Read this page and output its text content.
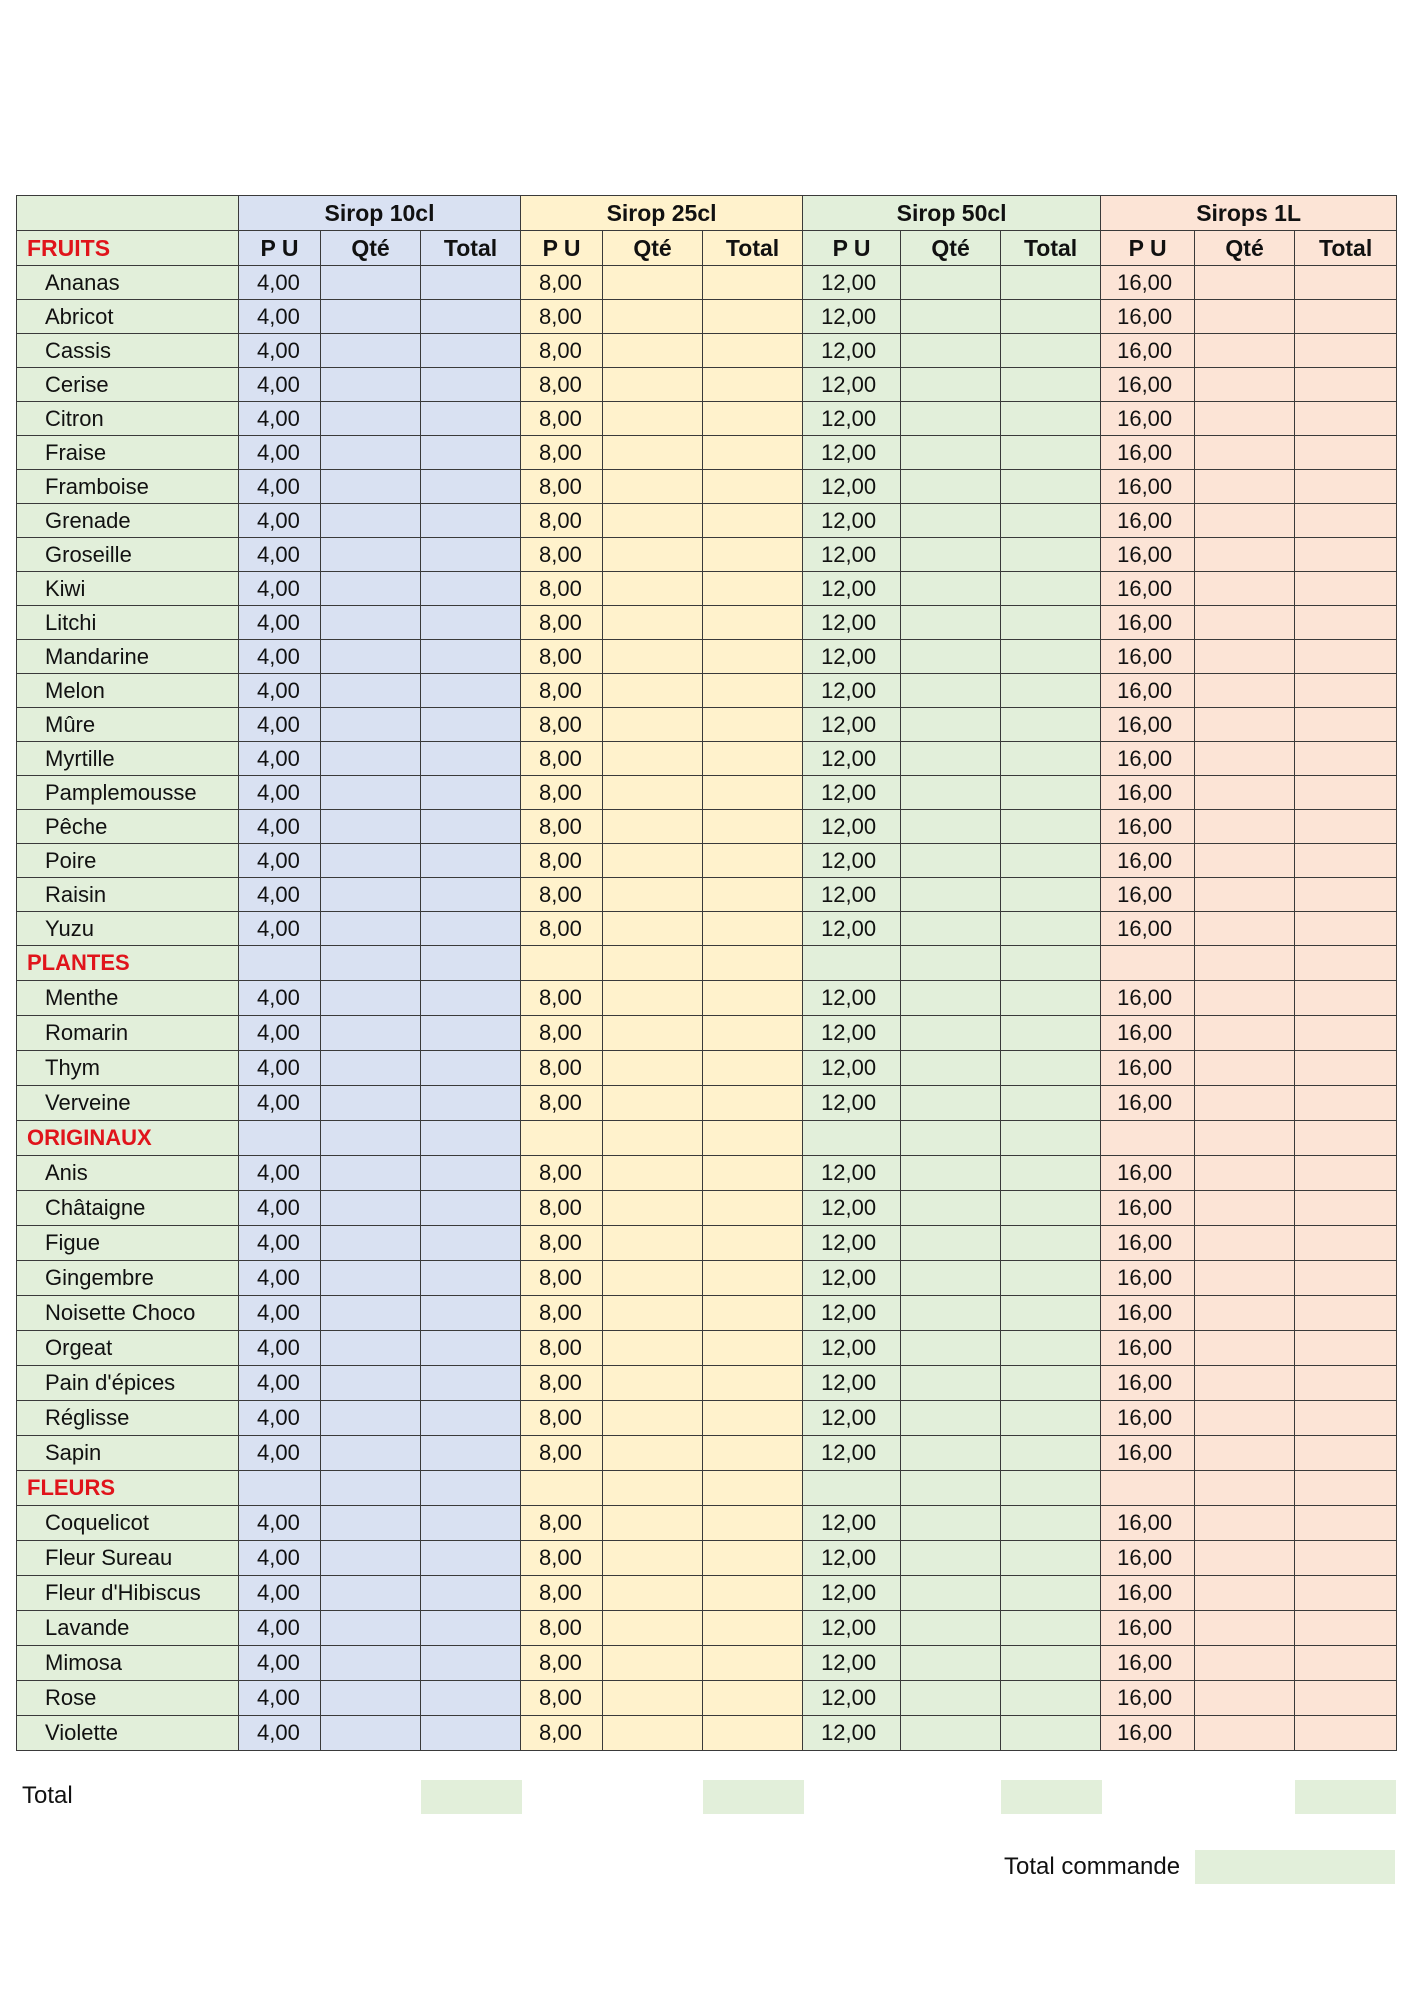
	Sirop 10cl			Sirop 25cl			Sirop 50cl			Sirops 1L		
FRUITS	P U	Qté	Total	P U	Qté	Total	P U	Qté	Total	P U	Qté	Total
Ananas	4,00			8,00			12,00			16,00		
Abricot	4,00			8,00			12,00			16,00		
Cassis	4,00			8,00			12,00			16,00		
Cerise	4,00			8,00			12,00			16,00		
Citron	4,00			8,00			12,00			16,00		
Fraise	4,00			8,00			12,00			16,00		
Framboise	4,00			8,00			12,00			16,00		
Grenade	4,00			8,00			12,00			16,00		
Groseille	4,00			8,00			12,00			16,00		
Kiwi	4,00			8,00			12,00			16,00		
Litchi	4,00			8,00			12,00			16,00		
Mandarine	4,00			8,00			12,00			16,00		
Melon	4,00			8,00			12,00			16,00		
Mûre	4,00			8,00			12,00			16,00		
Myrtille	4,00			8,00			12,00			16,00		
Pamplemousse	4,00			8,00			12,00			16,00		
Pêche	4,00			8,00			12,00			16,00		
Poire	4,00			8,00			12,00			16,00		
Raisin	4,00			8,00			12,00			16,00		
Yuzu	4,00			8,00			12,00			16,00		
PLANTES												
Menthe	4,00			8,00			12,00			16,00		
Romarin	4,00			8,00			12,00			16,00		
Thym	4,00			8,00			12,00			16,00		
Verveine	4,00			8,00			12,00			16,00		
ORIGINAUX												
Anis	4,00			8,00			12,00			16,00		
Châtaigne	4,00			8,00			12,00			16,00		
Figue	4,00			8,00			12,00			16,00		
Gingembre	4,00			8,00			12,00			16,00		
Noisette Choco	4,00			8,00			12,00			16,00		
Orgeat	4,00			8,00			12,00			16,00		
Pain d'épices	4,00			8,00			12,00			16,00		
Réglisse	4,00			8,00			12,00			16,00		
Sapin	4,00			8,00			12,00			16,00		
FLEURS												
Coquelicot	4,00			8,00			12,00			16,00		
Fleur Sureau	4,00			8,00			12,00			16,00		
Fleur d'Hibiscus	4,00			8,00			12,00			16,00		
Lavande	4,00			8,00			12,00			16,00		
Mimosa	4,00			8,00			12,00			16,00		
Rose	4,00			8,00			12,00			16,00		
Violette	4,00			8,00			12,00			16,00		
Total
Total commande
